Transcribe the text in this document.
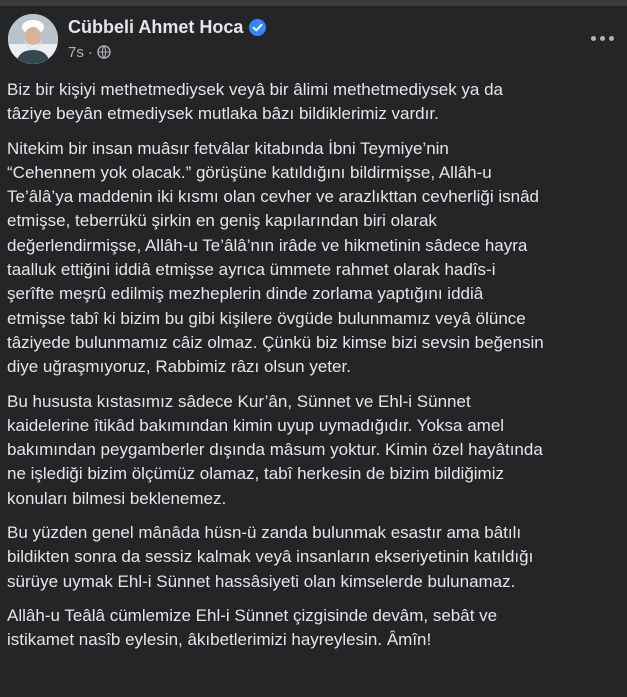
Cübbeli Ahmet Hoca
7s ·

Biz bir kişiyi methetmediysek veyâ bir âlimi methetmediysek ya da
tâziye beyân etmediysek mutlaka bâzı bildiklerimiz vardır.

Nitekim bir insan muâsır fetvâlar kitabında İbni Teymiye’nin
“Cehennem yok olacak.” görüşüne katıldığını bildirmişse, Allâh-u
Te’âlâ’ya maddenin iki kısmı olan cevher ve arazlıkttan cevherliği isnâd
etmişse, teberrükü şirkin en geniş kapılarından biri olarak
değerlendirmişse, Allâh-u Te’âlâ’nın irâde ve hikmetinin sâdece hayra
taalluk ettiğini iddiâ etmişse ayrıca ümmete rahmet olarak hadîs-i
şerîfte meşrû edilmiş mezheplerin dinde zorlama yaptığını iddiâ
etmişse tabî ki bizim bu gibi kişilere övgüde bulunmamız veyâ ölünce
tâziyede bulunmamız câiz olmaz. Çünkü biz kimse bizi sevsin beğensin
diye uğraşmıyoruz, Rabbimiz râzı olsun yeter.

Bu hususta kıstasımız sâdece Kur’ân, Sünnet ve Ehl-i Sünnet
kaidelerine îtikâd bakımından kimin uyup uymadığıdır. Yoksa amel
bakımından peygamberler dışında mâsum yoktur. Kimin özel hayâtında
ne işlediği bizim ölçümüz olamaz, tabî herkesin de bizim bildiğimiz
konuları bilmesi beklenemez.

Bu yüzden genel mânâda hüsn-ü zanda bulunmak esastır ama bâtılı
bildikten sonra da sessiz kalmak veyâ insanların ekseriyetinin katıldığı
sürüye uymak Ehl-i Sünnet hassâsiyeti olan kimselerde bulunamaz.

Allâh-u Teâlâ cümlemize Ehl-i Sünnet çizgisinde devâm, sebât ve
istikamet nasîb eylesin, âkıbetlerimizi hayreylesin. Âmîn!
